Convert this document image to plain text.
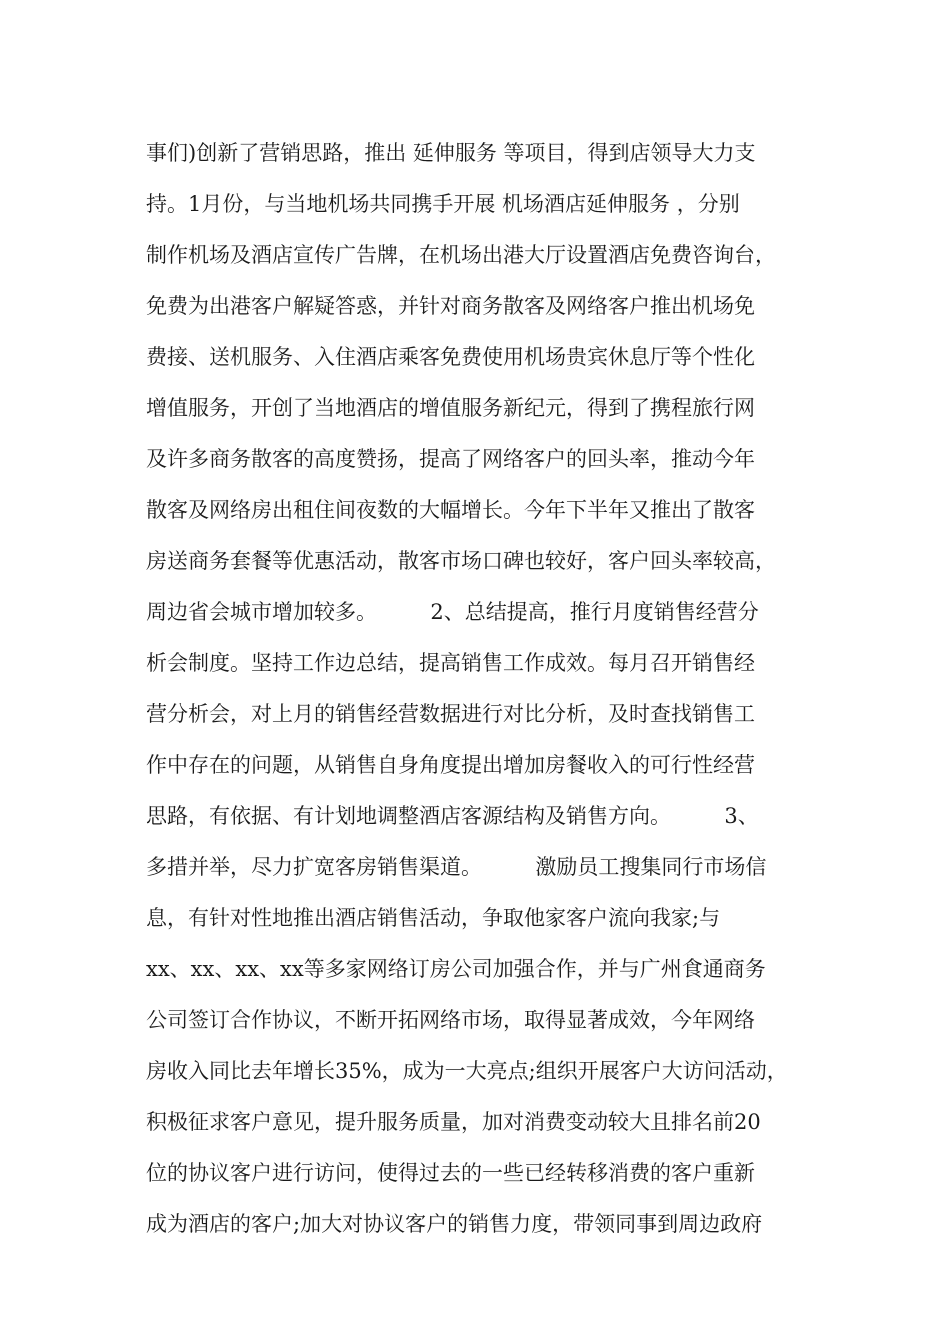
事们)创新了营销思路，推出 延伸服务 等项目，得到店领导大力支
持。1月份，与当地机场共同携手开展 机场酒店延伸服务 ，分别
制作机场及酒店宣传广告牌，在机场出港大厅设置酒店免费咨询台，
免费为出港客户解疑答惑，并针对商务散客及网络客户推出机场免
费接、送机服务、入住酒店乘客免费使用机场贵宾休息厅等个性化
增值服务，开创了当地酒店的增值服务新纪元，得到了携程旅行网
及许多商务散客的高度赞扬，提高了网络客户的回头率，推动今年
散客及网络房出租住间夜数的大幅增长。今年下半年又推出了散客
房送商务套餐等优惠活动，散客市场口碑也较好，客户回头率较高，
周边省会城市增加较多。        2、总结提高，推行月度销售经营分
析会制度。坚持工作边总结，提高销售工作成效。每月召开销售经
营分析会，对上月的销售经营数据进行对比分析，及时查找销售工
作中存在的问题，从销售自身角度提出增加房餐收入的可行性经营
思路，有依据、有计划地调整酒店客源结构及销售方向。        3、
多措并举，尽力扩宽客房销售渠道。        激励员工搜集同行市场信
息，有针对性地推出酒店销售活动，争取他家客户流向我家;与
xx、xx、xx、xx等多家网络订房公司加强合作，并与广州食通商务
公司签订合作协议，不断开拓网络市场，取得显著成效，今年网络
房收入同比去年增长35%，成为一大亮点;组织开展客户大访问活动，
积极征求客户意见，提升服务质量，加对消费变动较大且排名前20
位的协议客户进行访问，使得过去的一些已经转移消费的客户重新
成为酒店的客户;加大对协议客户的销售力度，带领同事到周边政府
